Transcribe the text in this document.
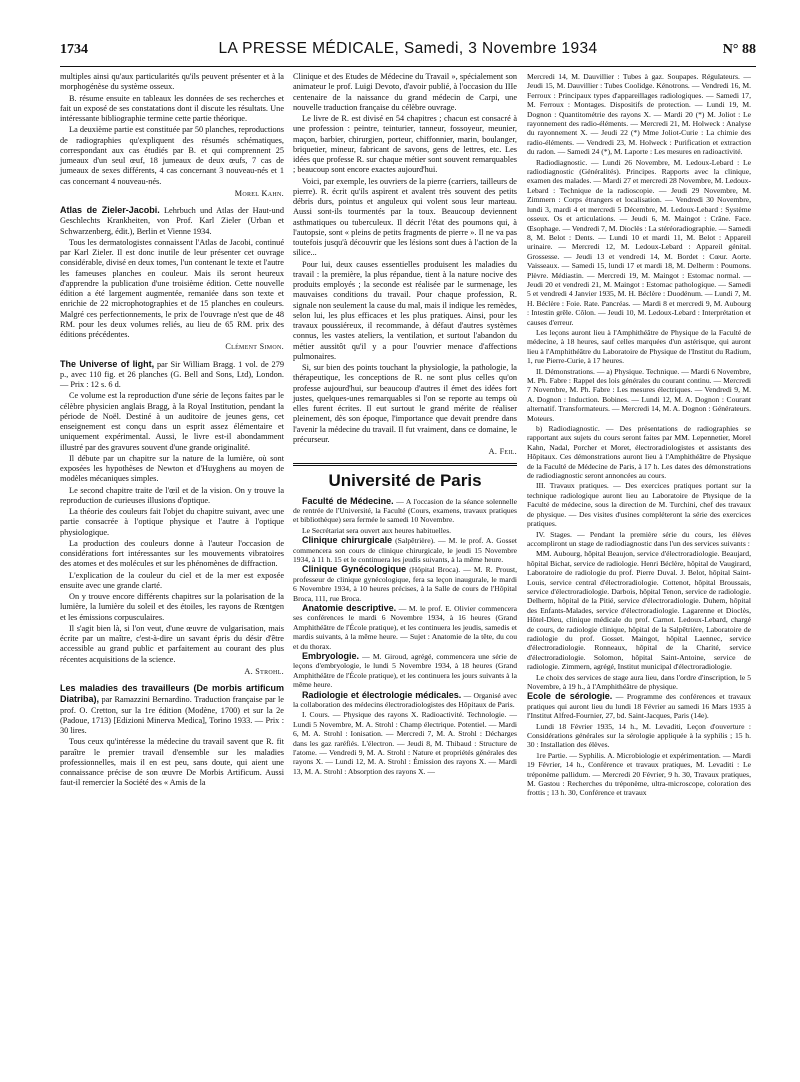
1734	LA PRESSE MÉDICALE, Samedi, 3 Novembre 1934	N° 88

multiples ainsi qu'aux particularités qu'ils peuvent présenter et à la morphogénèse du système osseux.

B. résume ensuite en tableaux les données de ses recherches et fait un exposé de ses constatations dont il discute les résultats. Une intéressante bibliographie termine cette partie théorique.

La deuxième partie est constituée par 50 planches, reproductions de radiographies qu'expliquent des résumés schématiques, correspondant aux cas étudiés par B. et qui comprennent 25 jumeaux d'un seul œuf, 18 jumeaux de deux œufs, 7 cas de jumeaux de sexes différents, 4 cas concernant 3 nouveau-nés et 1 cas concernant 4 nouveau-nés.

Morel Kahn.

Atlas de Zieler-Jacobi. Lehrbuch und Atlas der Haut-und Geschlechts Krankheiten, von Prof. Karl Zieler (Urban et Schwarzenberg, édit.), Berlin et Vienne 1934.

Tous les dermatologistes connaissent l'Atlas de Jacobi, continué par Karl Zieler. Il est donc inutile de leur présenter cet ouvrage considérable, divisé en deux tomes, l'un contenant le texte et l'autre les fameuses planches en couleur. Mais ils seront heureux d'apprendre la publication d'une troisième édition. Cette nouvelle édition a été largement augmentée, remaniée dans son texte et enrichie de 22 microphotographies et de 15 planches en couleurs. Malgré ces perfectionnements, le prix de l'ouvrage n'est que de 48 RM. pour les deux volumes reliés, au lieu de 65 RM. prix des éditions précédentes.

Clément Simon.

The Universe of light, par Sir William Bragg. 1 vol. de 279 p., avec 110 fig. et 26 planches (G. Bell and Sons, Ltd), London. — Prix : 12 s. 6 d.

Ce volume est la reproduction d'une série de leçons faites par le célèbre physicien anglais Bragg, à la Royal Institution, pendant la période de Noël. Destiné à un auditoire de jeunes gens, cet enseignement est conçu dans un esprit assez élémentaire et uniquement expérimental. Aussi, le livre est-il abondamment illustré par des gravures souvent d'une grande originalité.

Il débute par un chapitre sur la nature de la lumière, où sont exposées les hypothèses de Newton et d'Huyghens au moyen de modèles mécaniques simples.

Le second chapitre traite de l'œil et de la vision. On y trouve la reproduction de curieuses illusions d'optique.

La théorie des couleurs fait l'objet du chapitre suivant, avec une partie consacrée à l'optique physique et l'autre à l'optique physiologique.

La production des couleurs donne à l'auteur l'occasion de considérations fort intéressantes sur les mouvements vibratoires des atomes et des molécules et sur les phénomènes de diffraction.

L'explication de la couleur du ciel et de la mer est exposée ensuite avec une grande clarté.

On y trouve encore différents chapitres sur la polarisation de la lumière, la lumière du soleil et des étoiles, les rayons de Rœntgen et les émissions corpusculaires.

Il s'agit bien là, si l'on veut, d'une œuvre de vulgarisation, mais écrite par un maître, c'est-à-dire un savant épris du désir d'être accessible au grand public et parfaitement au courant des plus récentes acquisitions de la science.

A. Strohl.

Les maladies des travailleurs (De morbis artificum Diatriba), par Ramazzini Bernardino. Traduction française par le prof. O. Cretton, sur la 1re édition (Modène, 1700) et sur la 2e (Padoue, 1713) [Edizioni Minerva Medica], Torino 1933. — Prix : 30 lires.

Tous ceux qu'intéresse la médecine du travail savent que R. fit paraître le premier travail d'ensemble sur les maladies professionnelles, mais il en est peu, sans doute, qui aient une connaissance précise de son œuvre De Morbis Artificum. Aussi faut-il remercier la Société des « Amis de la

Clinique et des Etudes de Médecine du Travail », spécialement son animateur le prof. Luigi Devoto, d'avoir publié, à l'occasion du IIIe centenaire de la naissance du grand médecin de Carpi, une nouvelle traduction française du célèbre ouvrage.

Le livre de R. est divisé en 54 chapitres ; chacun est consacré à une profession : peintre, teinturier, tanneur, fossoyeur, meunier, maçon, barbier, chirurgien, porteur, chiffonnier, marin, boulanger, briquetier, mineur, fabricant de savons, gens de lettres, etc. Les idées que professe R. sur chaque métier sont souvent remarquables ; beaucoup sont encore exactes aujourd'hui.

Voici, par exemple, les ouvriers de la pierre (carriers, tailleurs de pierre). R. écrit qu'ils aspirent et avalent très souvent des petits débris durs, pointus et anguleux qui volent sous leur marteau. Aussi sont-ils tourmentés par la toux. Beaucoup deviennent asthmatiques ou tuberculeux. Il décrit l'état des poumons qui, à l'autopsie, sont « pleins de petits fragments de pierre ». Il ne va pas toutefois jusqu'à découvrir que les lésions sont dues à l'action de la silice...

Pour lui, deux causes essentielles produisent les maladies du travail : la première, la plus répandue, tient à la nature nocive des produits employés ; la seconde est réalisée par le surmenage, les mauvaises conditions du travail. Pour chaque profession, R. signale non seulement la cause du mal, mais il indique les remèdes, selon lui, les plus efficaces et les plus pratiques. Ainsi, pour les travaux poussiéreux, il recommande, à défaut d'autres systèmes connus, les vastes ateliers, la ventilation, et surtout l'abandon du métier aussitôt qu'il y a pour l'ouvrier menace d'affections pulmonaires.

Si, sur bien des points touchant la physiologie, la pathologie, la thérapeutique, les conceptions de R. ne sont plus celles qu'on professe aujourd'hui, sur beaucoup d'autres il émet des idées fort justes, quelques-unes remarquables si l'on se reporte au temps où elles furent écrites. Il eut surtout le grand mérite de réaliser pleinement, dès son époque, l'importance que devait prendre dans l'avenir la médecine du travail. Il fut vraiment, dans ce domaine, le précurseur.

A. Feil.
Université de Paris

Faculté de Médecine. — A l'occasion de la séance solennelle de rentrée de l'Université, la Faculté (Cours, examens, travaux pratiques et bibliothèque) sera fermée le samedi 10 Novembre.

Le Secrétariat sera ouvert aux heures habituelles.

Clinique chirurgicale (Salpêtrière). — M. le prof. A. Gosset commencera son cours de clinique chirurgicale, le jeudi 15 Novembre 1934, à 11 h. 15 et le continuera les jeudis suivants, à la même heure.

Clinique Gynécologique (Hôpital Broca). — M. R. Proust, professeur de clinique gynécologique, fera sa leçon inaugurale, le mardi 6 Novembre 1934, à 10 heures précises, à la Salle de cours de l'Hôpital Broca, 111, rue Broca.

Anatomie descriptive. — M. le prof. E. Olivier commencera ses conférences le mardi 6 Novembre 1934, à 16 heures (Grand Amphithéâtre de l'École pratique), et les continuera les jeudis, samedis et mardis suivants, à la même heure. — Sujet : Anatomie de la tête, du cou et du thorax.

Embryologie. — M. Giroud, agrégé, commencera une série de leçons d'embryologie, le lundi 5 Novembre 1934, à 18 heures (Grand Amphithéâtre de l'École pratique), et les continuera les jours suivants à la même heure.

Radiologie et électrologie médicales. — Organisé avec la collaboration des médecins électroradiologistes des Hôpitaux de Paris.

I. Cours. — Physique des rayons X. Radioactivité. Technologie. — Lundi 5 Novembre, M. A. Strohl : Champ électrique. Potentiel. — Mardi 6, M. A. Strohl : Ionisation. — Mercredi 7, M. A. Strohl : Décharges dans les gaz raréfiés. L'électron. — Jeudi 8, M. Thibaud : Structure de l'atome. — Vendredi 9, M. A. Strohl : Nature et propriétés générales des rayons X. — Lundi 12, M. A. Strohl : Émission des rayons X. — Mardi 13, M. A. Strohl : Absorption des rayons X. —

Mercredi 14, M. Dauvillier : Tubes à gaz. Soupapes. Régulateurs. — Jeudi 15, M. Dauvillier : Tubes Coolidge. Kénotrons. — Vendredi 16, M. Ferroux : Principaux types d'appareillages radiologiques. — Samedi 17, M. Ferroux : Montages. Dispositifs de protection. — Lundi 19, M. Dognon : Quantitométrie des rayons X. — Mardi 20 (*) M. Joliot : Le rayonnement des radio-éléments. — Mercredi 21, M. Holweck : Analyse du rayonnement X. — Jeudi 22 (*) Mme Joliot-Curie : La chimie des radio-éléments. — Vendredi 23, M. Holweck : Purification et extraction du radon. — Samedi 24 (*), M. Laporte : Les mesures en radioactivité.

Radiodiagnostic. — Lundi 26 Novembre, M. Ledoux-Lebard : Le radiodiagnostic (Généralités). Principes. Rapports avec la clinique, examen des malades. — Mardi 27 et mercredi 28 Novembre, M. Ledoux-Lebard : Technique de la radioscopie. — Jeudi 29 Novembre, M. Zimmern : Corps étrangers et localisation. — Vendredi 30 Novembre, lundi 3, mardi 4 et mercredi 5 Décembre, M. Ledoux-Lebard : Système osseux. Os et articulations. — Jeudi 6, M. Maingot : Crâne. Face. Œsophage. — Vendredi 7, M. Dioclès : La stéréoradiographie. — Samedi 8, M. Belot : Dents. — Lundi 10 et mardi 11, M. Belot : Appareil urinaire. — Mercredi 12, M. Ledoux-Lebard : Appareil génital. Grossesse. — Jeudi 13 et vendredi 14, M. Bordet : Cœur. Aorte. Vaisseaux. — Samedi 15, lundi 17 et mardi 18, M. Delherm : Poumons. Plèvre. Médiastin. — Mercredi 19, M. Maingot : Estomac normal. — Jeudi 20 et vendredi 21, M. Maingot : Estomac pathologique. — Samedi 5 et vendredi 4 Janvier 1935, M. H. Béclère : Duodénum. — Lundi 7, M. H. Béclère : Foie. Rate. Pancréas. — Mardi 8 et mercredi 9, M. Aubourg : Intestin grêle. Côlon. — Jeudi 10, M. Ledoux-Lebard : Interprétation et causes d'erreur.

Les leçons auront lieu à l'Amphithéâtre de Physique de la Faculté de médecine, à 18 heures, sauf celles marquées d'un astérisque, qui auront lieu à l'Amphithéâtre du Laboratoire de Physique de l'Institut du Radium, 1, rue Pierre-Curie, à 17 heures.

II. Démonstrations. — a) Physique. Technique. — Mardi 6 Novembre, M. Ph. Fabre : Rappel des lois générales du courant continu. — Mercredi 7 Novembre, M. Ph. Fabre : Les mesures électriques. — Vendredi 9, M. A. Dognon : Induction. Bobines. — Lundi 12, M. A. Dognon : Courant alternatif. Transformateurs. — Mercredi 14, M. A. Dognon : Générateurs. Moteurs.

b) Radiodiagnostic. — Des présentations de radiographies se rapportant aux sujets du cours seront faites par MM. Lepennetier, Morel Kahn, Nadal, Porcher et Moret, électroradiologistes et assistants des Hôpitaux. Ces démonstrations auront lieu à l'Amphithéâtre de Physique de la Faculté de Médecine de Paris, à 17 h. Les dates des démonstrations de radiodiagnostic seront annoncées au cours.

III. Travaux pratiques. — Des exercices pratiques portant sur la technique radiologique auront lieu au Laboratoire de Physique de la Faculté de médecine, sous la direction de M. Turchini, chef des travaux de physique. — Des visites d'usines compléteront la série des exercices pratiques.

IV. Stages. — Pendant la première série du cours, les élèves accompliront un stage de radiodiagnostic dans l'un des services suivants :

MM. Aubourg, hôpital Beaujon, service d'électroradiologie. Beaujard, hôpital Bichat, service de radiologie. Henri Béclère, hôpital de Vaugirard, Laboratoire de radiologie du prof. Pierre Duval. J. Belot, hôpital Saint-Louis, service central d'électroradiologie. Cottenot, hôpital Broussais, service d'électroradiologie. Darbois, hôpital Tenon, service de radiologie. Delherm, hôpital de la Pitié, service d'électroradiologie. Duhem, hôpital des Enfants-Malades, service d'électroradiologie. Lagarenne et Dioclès, Hôtel-Dieu, clinique médicale du prof. Carnot. Ledoux-Lebard, chargé de cours, de radiologie clinique, hôpital de la Salpêtrière, Laboratoire de radiologie du prof. Gosset. Maingot, hôpital Laennec, service d'électroradiologie. Ronneaux, hôpital de la Charité, service d'électroradiologie. Solomon, hôpital Saint-Antoine, service de radiologie. Zimmern, agrégé, Institut municipal d'électroradiologie.

Le choix des services de stage aura lieu, dans l'ordre d'inscription, le 5 Novembre, à 19 h., à l'Amphithéâtre de physique.

Ecole de sérologie. — Programme des conférences et travaux pratiques qui auront lieu du lundi 18 Février au samedi 16 Mars 1935 à l'Institut Alfred-Fournier, 27, bd. Saint-Jacques, Paris (14e).

Lundi 18 Février 1935, 14 h., M. Levaditi, Leçon d'ouverture : Considérations générales sur la sérologie appliquée à la syphilis ; 15 h. 30 : Installation des élèves.

1re Partie. — Syphilis. A. Microbiologie et expérimentation. — Mardi 19 Février, 14 h., Conférence et travaux pratiques, M. Levaditi : Le tréponème pallidum. — Mercredi 20 Février, 9 h. 30, Travaux pratiques, M. Gastou : Recherches du tréponème, ultra-microscope, coloration des frottis ; 13 h. 30, Conférence et travaux
